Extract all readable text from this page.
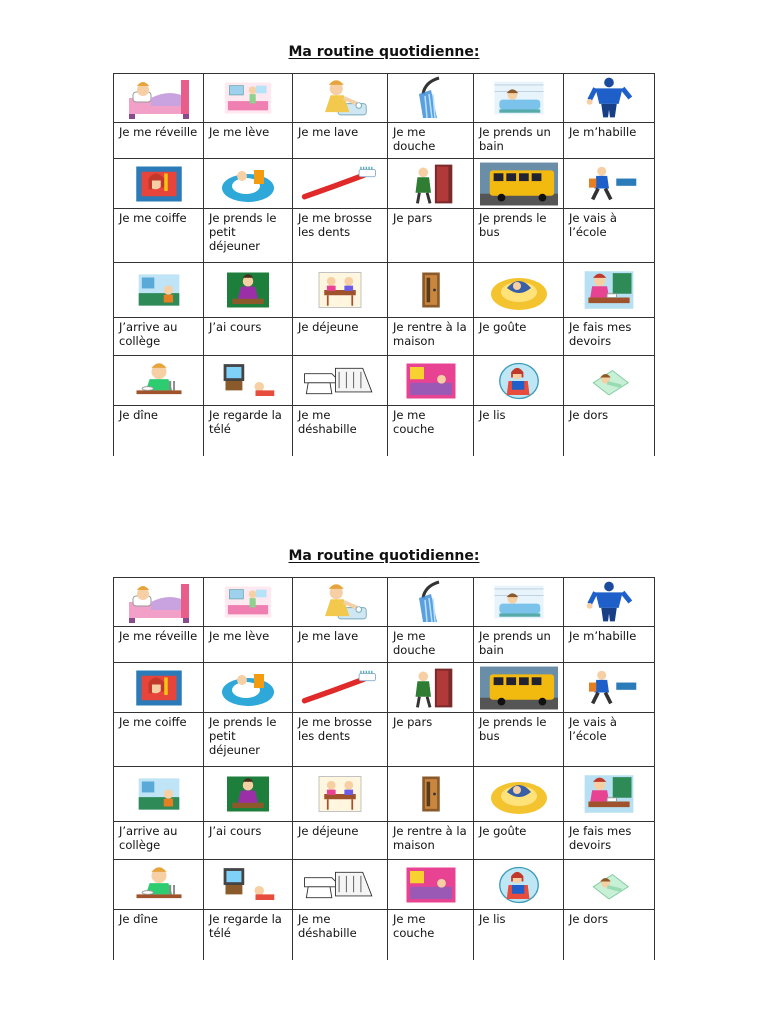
Ma routine quotidienne:

Je me réveille	Je me lève	Je me lave	Je me douche	Je prends un bain	Je m’habille

Je me coiffe	Je prends le petit déjeuner	Je me brosse les dents	Je pars	Je prends le bus	Je vais à l’école

J’arrive au collège	J’ai cours	Je déjeune	Je rentre à la maison	Je goûte	Je fais mes devoirs

Je dîne	Je regarde la télé	Je me déshabille	Je me couche	Je lis	Je dors
Ma routine quotidienne:

Je me réveille	Je me lève	Je me lave	Je me douche	Je prends un bain	Je m’habille

Je me coiffe	Je prends le petit déjeuner	Je me brosse les dents	Je pars	Je prends le bus	Je vais à l’école

J’arrive au collège	J’ai cours	Je déjeune	Je rentre à la maison	Je goûte	Je fais mes devoirs

Je dîne	Je regarde la télé	Je me déshabille	Je me couche	Je lis	Je dors
